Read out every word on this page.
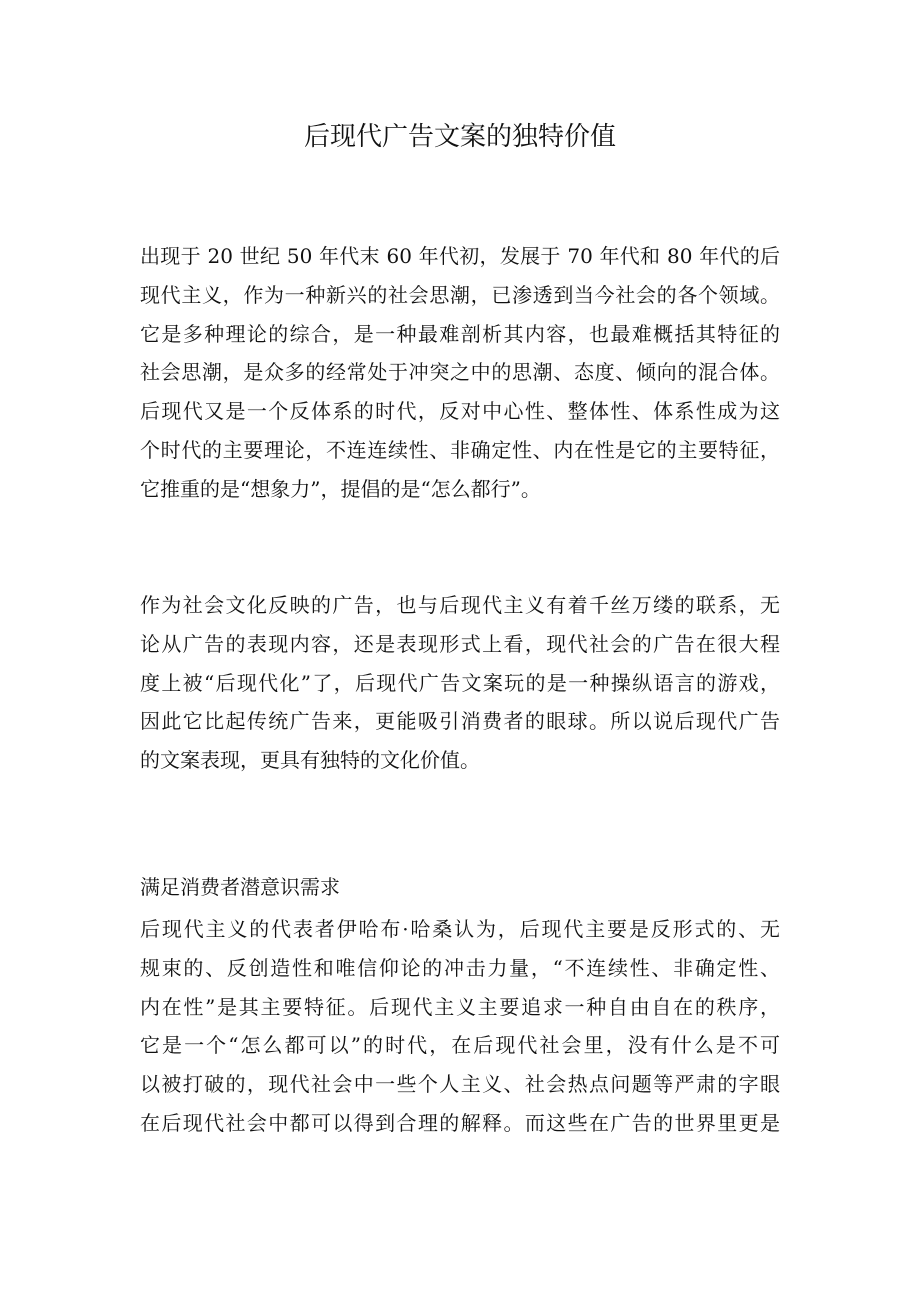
后现代广告文案的独特价值

出现于 20 世纪 50 年代末 60 年代初，发展于 70 年代和 80 年代的后
现代主义，作为一种新兴的社会思潮，已渗透到当今社会的各个领域。
它是多种理论的综合，是一种最难剖析其内容，也最难概括其特征的
社会思潮，是众多的经常处于冲突之中的思潮、态度、倾向的混合体。
后现代又是一个反体系的时代，反对中心性、整体性、体系性成为这
个时代的主要理论，不连连续性、非确定性、内在性是它的主要特征，
它推重的是“想象力”，提倡的是“怎么都行”。

作为社会文化反映的广告，也与后现代主义有着千丝万缕的联系，无
论从广告的表现内容，还是表现形式上看，现代社会的广告在很大程
度上被“后现代化”了，后现代广告文案玩的是一种操纵语言的游戏，
因此它比起传统广告来，更能吸引消费者的眼球。所以说后现代广告
的文案表现，更具有独特的文化价值。

满足消费者潜意识需求

后现代主义的代表者伊哈布·哈桑认为，后现代主要是反形式的、无
规束的、反创造性和唯信仰论的冲击力量，“不连续性、非确定性、
内在性”是其主要特征。后现代主义主要追求一种自由自在的秩序，
它是一个“怎么都可以”的时代，在后现代社会里，没有什么是不可
以被打破的，现代社会中一些个人主义、社会热点问题等严肃的字眼
在后现代社会中都可以得到合理的解释。而这些在广告的世界里更是
